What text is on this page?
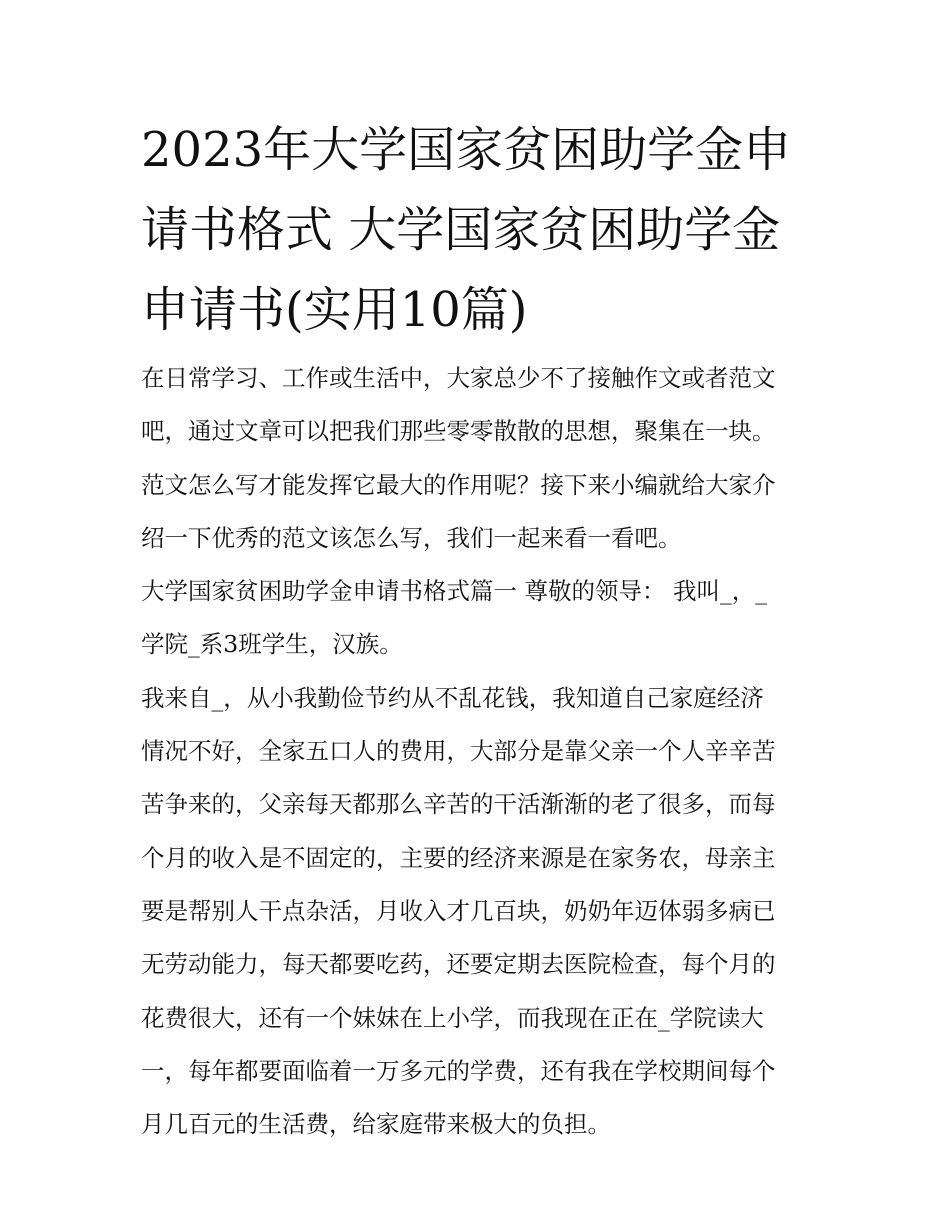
2023年大学国家贫困助学金申
请书格式 大学国家贫困助学金
申请书(实用10篇)
在日常学习、工作或生活中，大家总少不了接触作文或者范文
吧，通过文章可以把我们那些零零散散的思想，聚集在一块。
范文怎么写才能发挥它最大的作用呢？接下来小编就给大家介
绍一下优秀的范文该怎么写，我们一起来看一看吧。
大学国家贫困助学金申请书格式篇一 尊敬的领导： 我叫_，_
学院_系3班学生，汉族。
我来自_，从小我勤俭节约从不乱花钱，我知道自己家庭经济
情况不好，全家五口人的费用，大部分是靠父亲一个人辛辛苦
苦争来的，父亲每天都那么辛苦的干活渐渐的老了很多，而每
个月的收入是不固定的，主要的经济来源是在家务农，母亲主
要是帮别人干点杂活，月收入才几百块，奶奶年迈体弱多病已
无劳动能力，每天都要吃药，还要定期去医院检查，每个月的
花费很大，还有一个妹妹在上小学，而我现在正在_学院读大
一，每年都要面临着一万多元的学费，还有我在学校期间每个
月几百元的生活费，给家庭带来极大的负担。
